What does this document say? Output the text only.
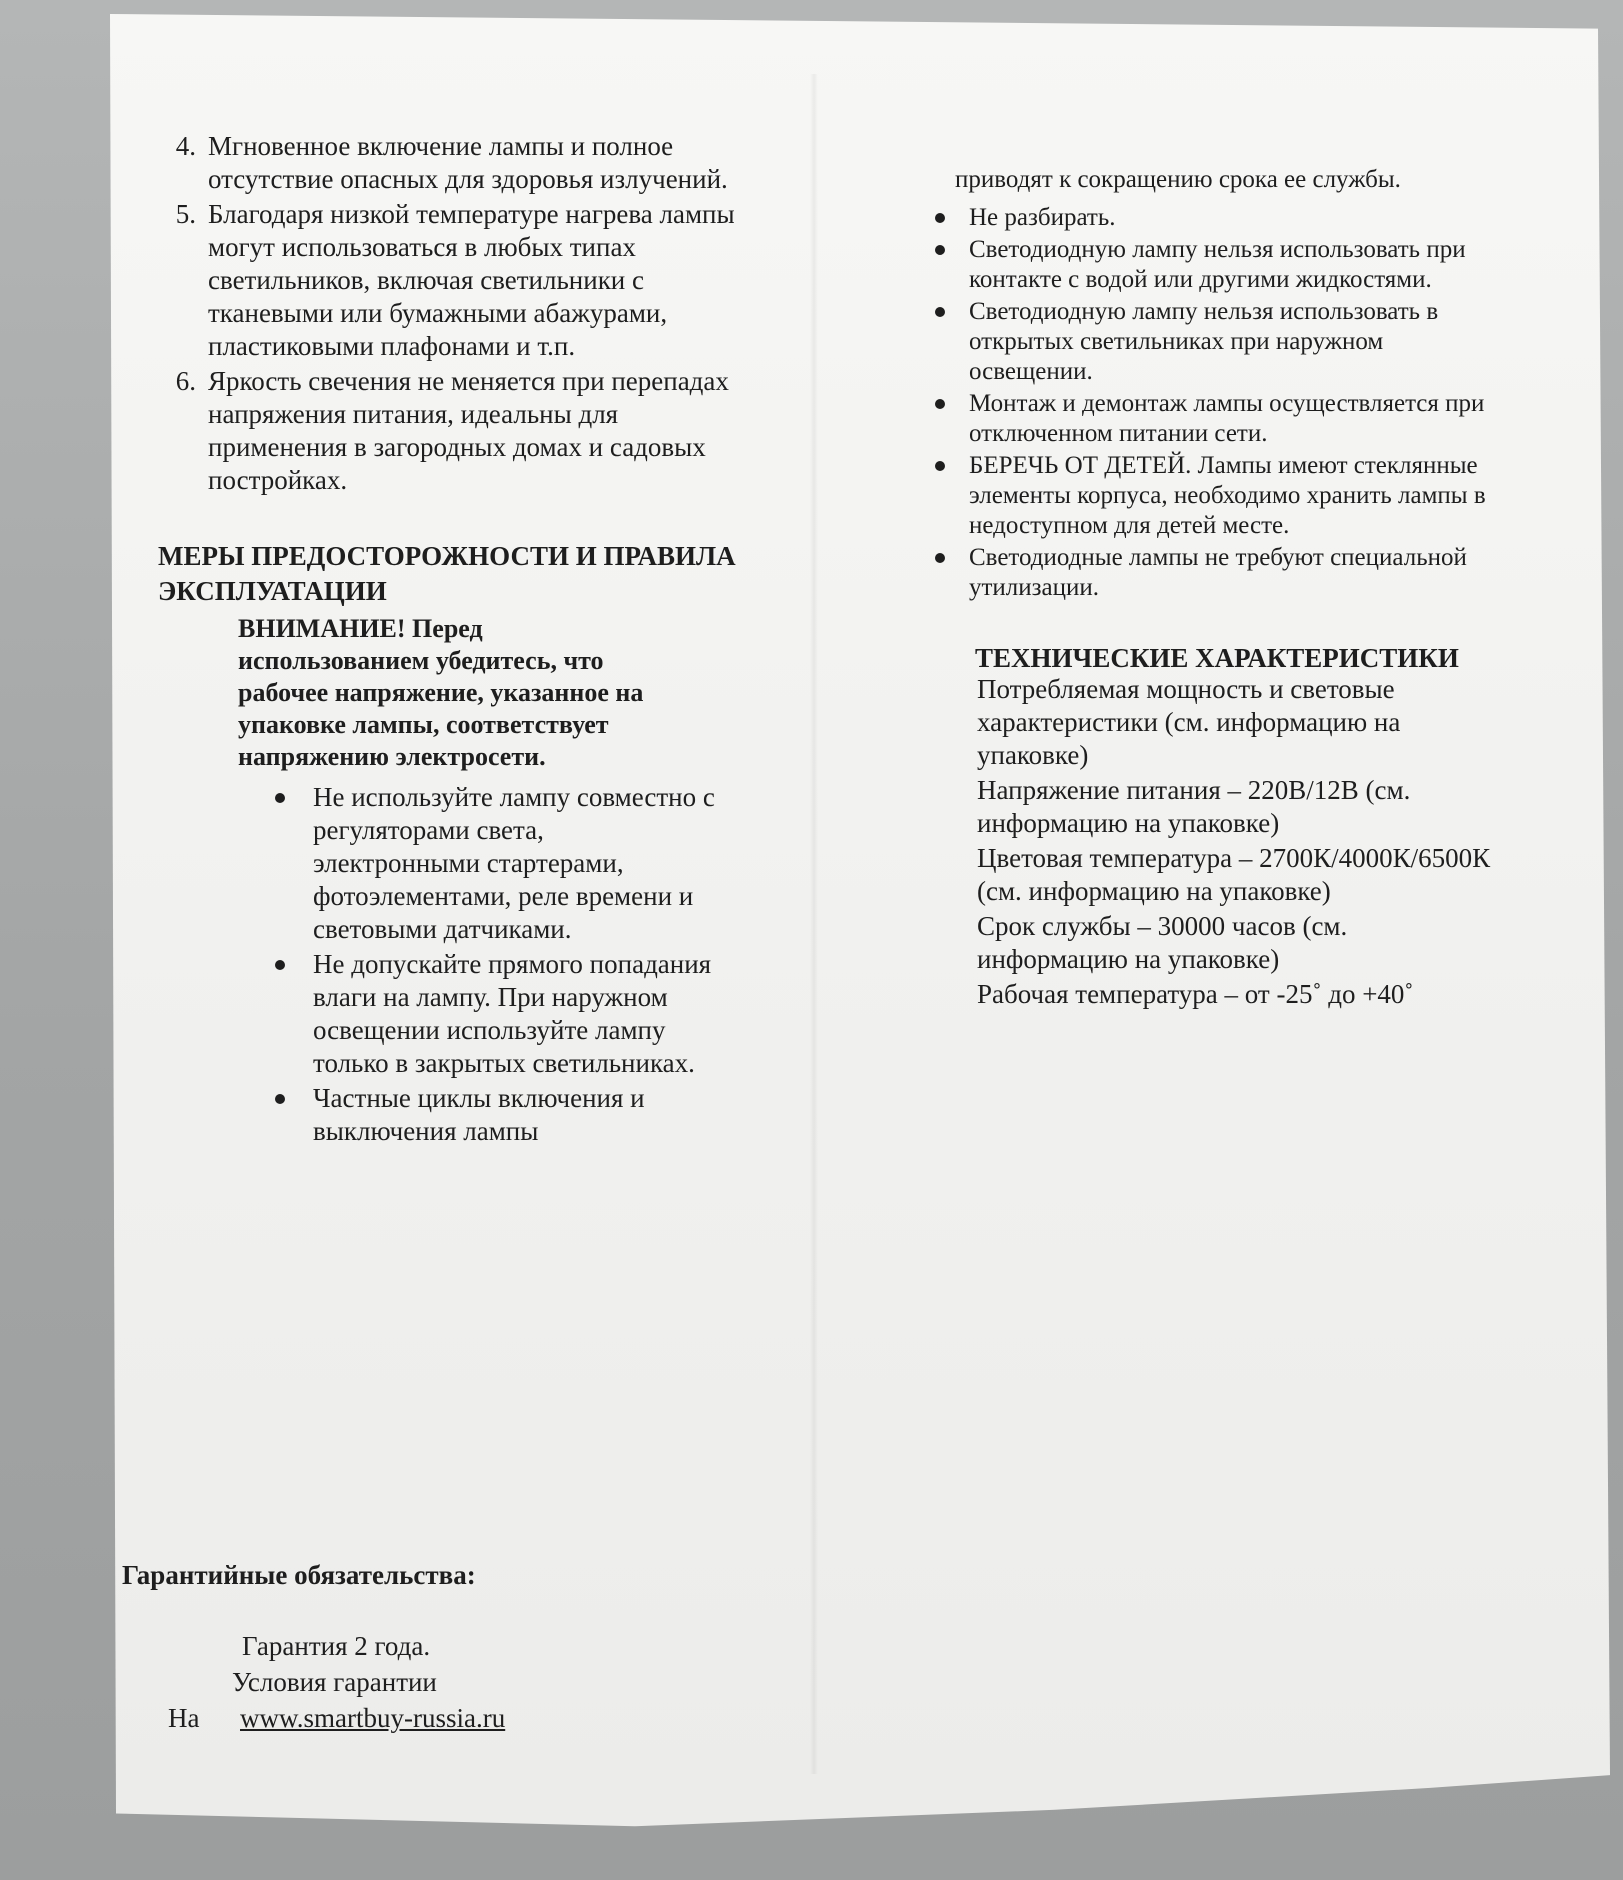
4. Мгновенное включение лампы и полное отсутствие опасных для здоровья излучений.
5. Благодаря низкой температуре нагрева лампы могут использоваться в любых типах светильников, включая светильники с тканевыми или бумажными абажурами, пластиковыми плафонами и т.п.
6. Яркость свечения не меняется при перепадах напряжения питания, идеальны для применения в загородных домах и садовых постройках.
МЕРЫ ПРЕДОСТОРОЖНОСТИ И ПРАВИЛА ЭКСПЛУАТАЦИИ
ВНИМАНИЕ! Перед использованием убедитесь, что рабочее напряжение, указанное на упаковке лампы, соответствует напряжению электросети.
Не используйте лампу совместно с регуляторами света, электронными стартерами, фотоэлементами, реле времени и световыми датчиками.
Не допускайте прямого попадания влаги на лампу. При наружном освещении используйте лампу только в закрытых светильниках.
Частные циклы включения и выключения лампы
приводят к сокращению срока ее службы.
Не разбирать.
Светодиодную лампу нельзя использовать при контакте с водой или другими жидкостями.
Светодиодную лампу нельзя использовать в открытых светильниках при наружном освещении.
Монтаж и демонтаж лампы осуществляется при отключенном питании сети.
БЕРЕЧЬ ОТ ДЕТЕЙ. Лампы имеют стеклянные элементы корпуса, необходимо хранить лампы в недоступном для детей месте.
Светодиодные лампы не требуют специальной утилизации.
ТЕХНИЧЕСКИЕ ХАРАКТЕРИСТИКИ
Потребляемая мощность и световые характеристики (см. информацию на упаковке)
Напряжение питания – 220В/12В (см. информацию на упаковке)
Цветовая температура – 2700К/4000К/6500К (см. информацию на упаковке)
Срок службы – 30000 часов (см. информацию на упаковке)
Рабочая температура – от -25˚ до +40˚
Гарантийные обязательства:
Гарантия 2 года.
Условия гарантии
На	www.smartbuy-russia.ru
